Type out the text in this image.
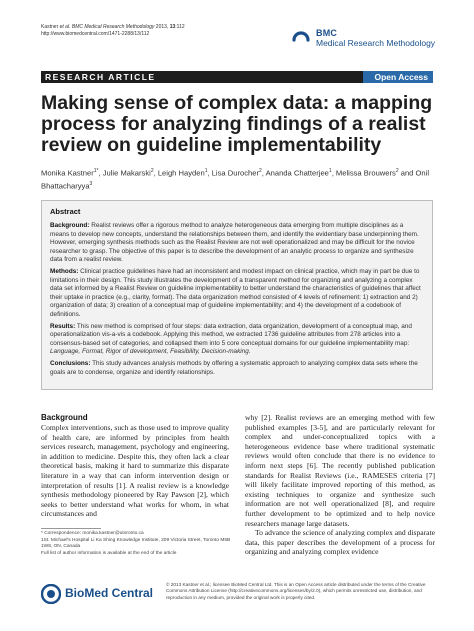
Kastner et al. BMC Medical Research Methodology 2013, 13:112
http://www.biomedcentral.com/1471-2288/13/112	BMC
Medical Research Methodology
RESEARCH ARTICLE	Open Access
Making sense of complex data: a mapping process for analyzing findings of a realist review on guideline implementability
Monika Kastner$^{1*}$, Julie Makarski$^2$, Leigh Hayden$^1$, Lisa Durocher$^2$, Ananda Chatterjee$^1$, Melissa Brouwers$^2$ and Onil Bhattacharyya$^3$
Abstract

Background: Realist reviews offer a rigorous method to analyze heterogeneous data emerging from multiple disciplines as a means to develop new concepts, understand the relationships between them, and identify the evidentiary base underpinning them. However, emerging synthesis methods such as the Realist Review are not well operationalized and may be difficult for the novice researcher to grasp. The objective of this paper is to describe the development of an analytic process to organize and synthesize data from a realist review.

Methods: Clinical practice guidelines have had an inconsistent and modest impact on clinical practice, which may in part be due to limitations in their design. This study illustrates the development of a transparent method for organizing and analyzing a complex data set informed by a Realist Review on guideline implementability to better understand the characteristics of guidelines that affect their uptake in practice (e.g., clarity, format). The data organization method consisted of 4 levels of refinement: 1) extraction and 2) organization of data; 3) creation of a conceptual map of guideline implementability; and 4) the development of a codebook of definitions.

Results: This new method is comprised of four steps: data extraction, data organization, development of a conceptual map, and operationalization vis-a-vis a codebook. Applying this method, we extracted 1736 guideline attributes from 278 articles into a consensus-based set of categories, and collapsed them into 5 core conceptual domains for our guideline implementability map: Language, Format, Rigor of development, Feasibility, Decision-making.

Conclusions: This study advances analysis methods by offering a systematic approach to analyzing complex data sets where the goals are to condense, organize and identify relationships.

Background

Complex interventions, such as those used to improve quality of health care, are informed by principles from health services research, management, psychology and engineering, in addition to medicine. Despite this, they often lack a clear theoretical basis, making it hard to summarize this disparate literature in a way that can inform intervention design or interpretation of results [1]. A realist review is a knowledge synthesis methodology pioneered by Ray Pawson [2], which seeks to better understand what works for whom, in what circumstances and

why [2]. Realist reviews are an emerging method with few published examples [3-5], and are particularly relevant for complex and under-conceptualized topics with a heterogeneous evidence base where traditional systematic reviews would often conclude that there is no evidence to inform next steps [6]. The recently published publication standards for Realist Reviews (i.e., RAMESES criteria [7] will likely facilitate improved reporting of this method, as existing techniques to organize and synthesize such information are not well operationalized [8], and require further development to be optimized and to help novice researchers manage large datasets.

To advance the science of analyzing complex and disparate data, this paper describes the development of a process for organizing and analyzing complex evidence

* Correspondence: monika.kastner@utoronto.ca
1St. Michael's Hospital Li Ka Shing Knowledge Institute, 209 Victoria Street, Toronto M5B 1W8, ON, Canada
Full list of author information is available at the end of the article
BioMed Central
© 2013 Kastner et al.; licensee BioMed Central Ltd. This is an Open Access article distributed under the terms of the Creative Commons Attribution License (http://creativecommons.org/licenses/by/2.0), which permits unrestricted use, distribution, and reproduction in any medium, provided the original work is properly cited.
